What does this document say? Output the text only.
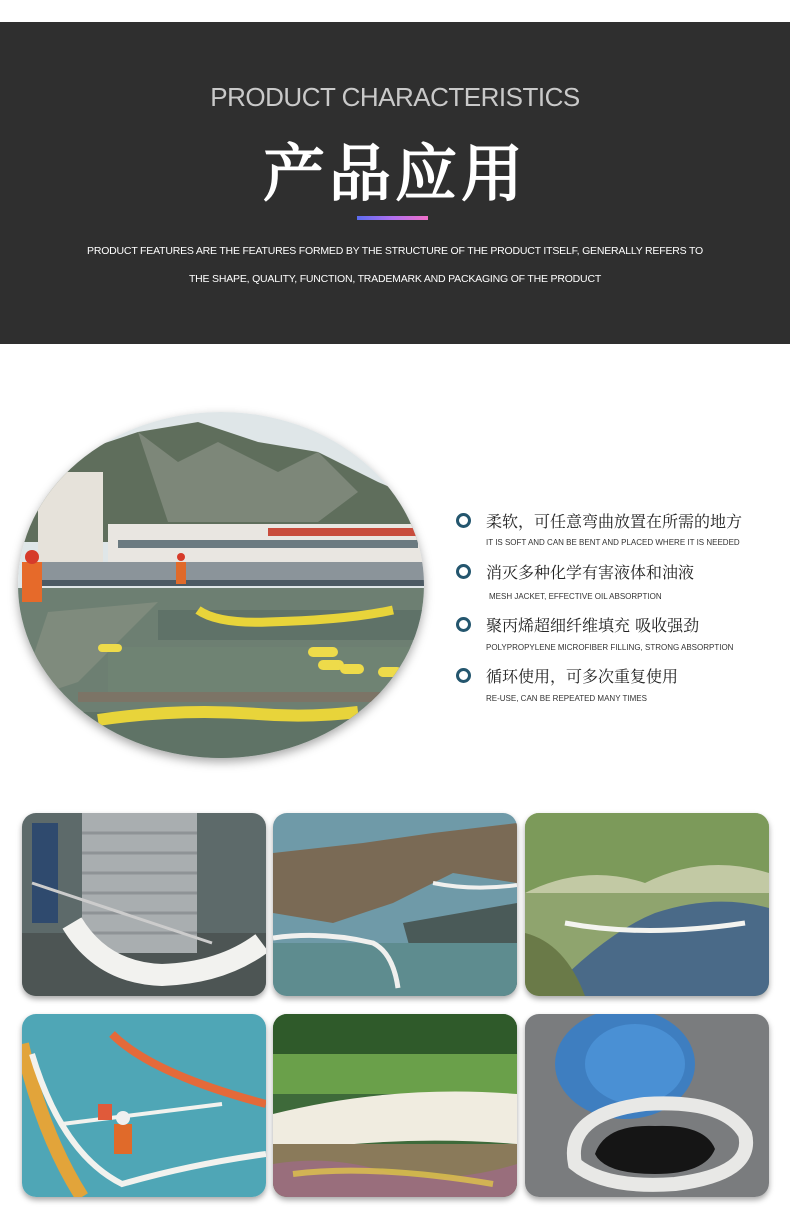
PRODUCT CHARACTERISTICS
产品应用
PRODUCT FEATURES ARE THE FEATURES FORMED BY THE STRUCTURE OF THE PRODUCT ITSELF, GENERALLY REFERS TO
THE SHAPE, QUALITY, FUNCTION, TRADEMARK AND PACKAGING OF THE PRODUCT
柔软，可任意弯曲放置在所需的地方
IT IS SOFT AND CAN BE BENT AND PLACED WHERE IT IS NEEDED
消灭多种化学有害液体和油液
MESH JACKET, EFFECTIVE OIL ABSORPTION
聚丙烯超细纤维填充 吸收强劲
POLYPROPYLENE MICROFIBER FILLING, STRONG ABSORPTION
循环使用，可多次重复使用
RE-USE, CAN BE REPEATED MANY TIMES
